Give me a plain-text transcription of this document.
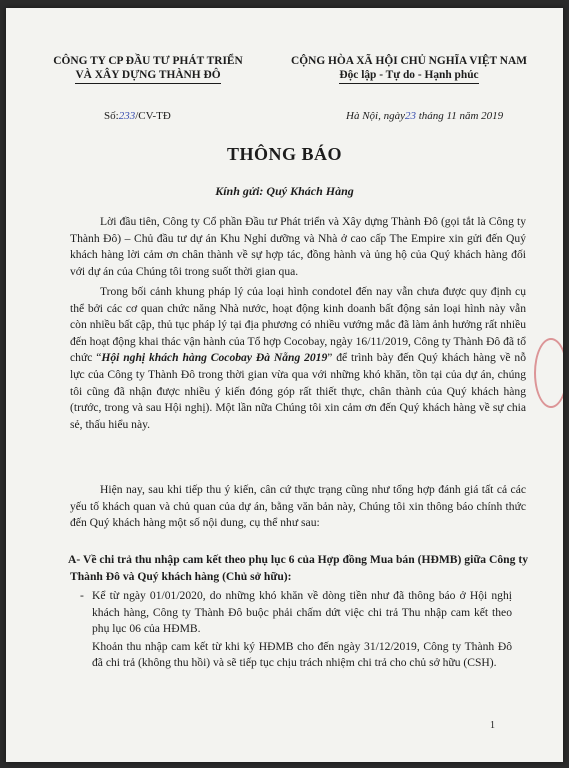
CÔNG TY CP ĐẦU TƯ PHÁT TRIỂN
VÀ XÂY DỰNG THÀNH ĐÔ
CỘNG HÒA XÃ HỘI CHỦ NGHĨA VIỆT NAM
Độc lập - Tự do - Hạnh phúc
Số:233/CV-TĐ	Hà Nội, ngày23 tháng 11 năm 2019
THÔNG BÁO
Kính gửi: Quý Khách Hàng

Lời đầu tiên, Công ty Cổ phần Đầu tư Phát triển và Xây dựng Thành Đô (gọi tắt là Công ty Thành Đô) – Chủ đầu tư dự án Khu Nghỉ dưỡng và Nhà ở cao cấp The Empire xin gửi đến Quý khách hàng lời cảm ơn chân thành về sự hợp tác, đồng hành và ủng hộ của Quý khách hàng đối với dự án của Chúng tôi trong suốt thời gian qua.

Trong bối cảnh khung pháp lý của loại hình condotel đến nay vẫn chưa được quy định cụ thể bởi các cơ quan chức năng Nhà nước, hoạt động kinh doanh bất động sản loại hình này vẫn còn nhiều bất cập, thủ tục pháp lý tại địa phương có nhiều vướng mắc đã làm ảnh hưởng rất nhiều đến hoạt động khai thác vận hành của Tổ hợp Cocobay, ngày 16/11/2019, Công ty Thành Đô đã tổ chức “Hội nghị khách hàng Cocobay Đà Nẵng 2019” để trình bày đến Quý khách hàng về nỗ lực của Công ty Thành Đô trong thời gian vừa qua với những khó khăn, tồn tại của dự án, chúng tôi cũng đã nhận được nhiều ý kiến đóng góp rất thiết thực, chân thành của Quý khách hàng (trước, trong và sau Hội nghị). Một lần nữa Chúng tôi xin cảm ơn đến Quý khách hàng về sự chia sẻ, thấu hiểu này.

Hiện nay, sau khi tiếp thu ý kiến, cân cứ thực trạng cũng như tổng hợp đánh giá tất cả các yếu tố khách quan và chủ quan của dự án, bằng văn bản này, Chúng tôi xin thông báo chính thức đến Quý khách hàng một số nội dung, cụ thể như sau:

A- Về chi trả thu nhập cam kết theo phụ lục 6 của Hợp đồng Mua bán (HĐMB) giữa Công ty Thành Đô và Quý khách hàng (Chủ sở hữu):
- Kể từ ngày 01/01/2020, do những khó khăn về dòng tiền như đã thông báo ở Hội nghị khách hàng, Công ty Thành Đô buộc phải chấm dứt việc chi trả Thu nhập cam kết theo phụ lục 06 của HĐMB.
Khoản thu nhập cam kết từ khi ký HĐMB cho đến ngày 31/12/2019, Công ty Thành Đô đã chi trả (không thu hồi) và sẽ tiếp tục chịu trách nhiệm chi trả cho chủ sở hữu (CSH).
1
